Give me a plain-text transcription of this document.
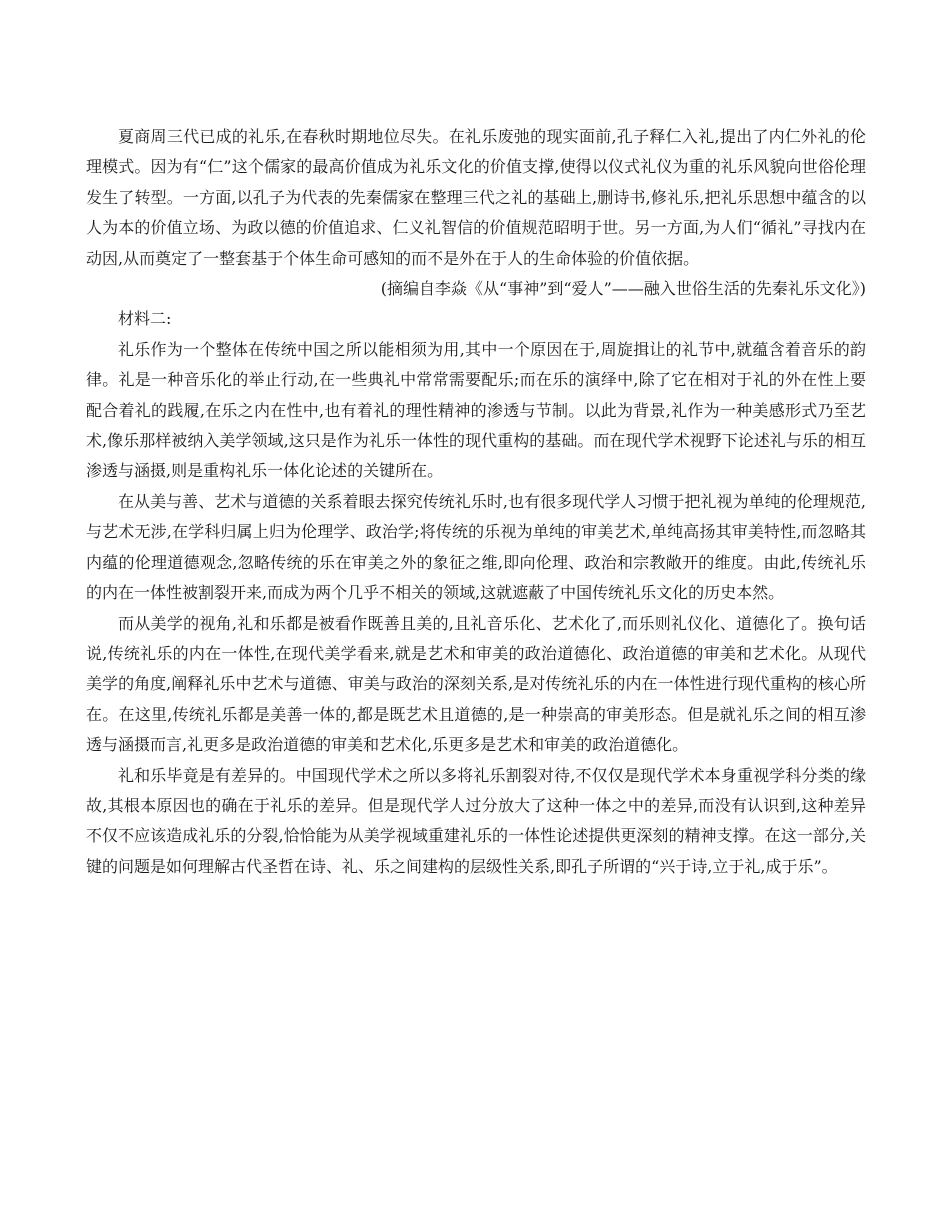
夏商周三代已成的礼乐,在春秋时期地位尽失。在礼乐废弛的现实面前,孔子释仁入礼,提出了内仁外礼的伦理模式。因为有“仁”这个儒家的最高价值成为礼乐文化的价值支撑,使得以仪式礼仪为重的礼乐风貌向世俗伦理发生了转型。一方面,以孔子为代表的先秦儒家在整理三代之礼的基础上,删诗书,修礼乐,把礼乐思想中蕴含的以人为本的价值立场、为政以德的价值追求、仁义礼智信的价值规范昭明于世。另一方面,为人们“循礼”寻找内在动因,从而奠定了一整套基于个体生命可感知的而不是外在于人的生命体验的价值依据。

(摘编自李焱《从“事神”到“爱人”——融入世俗生活的先秦礼乐文化》)

材料二:

礼乐作为一个整体在传统中国之所以能相须为用,其中一个原因在于,周旋揖让的礼节中,就蕴含着音乐的韵律。礼是一种音乐化的举止行动,在一些典礼中常常需要配乐;而在乐的演绎中,除了它在相对于礼的外在性上要配合着礼的践履,在乐之内在性中,也有着礼的理性精神的渗透与节制。以此为背景,礼作为一种美感形式乃至艺术,像乐那样被纳入美学领域,这只是作为礼乐一体性的现代重构的基础。而在现代学术视野下论述礼与乐的相互渗透与涵摄,则是重构礼乐一体化论述的关键所在。

在从美与善、艺术与道德的关系着眼去探究传统礼乐时,也有很多现代学人习惯于把礼视为单纯的伦理规范,与艺术无涉,在学科归属上归为伦理学、政治学;将传统的乐视为单纯的审美艺术,单纯高扬其审美特性,而忽略其内蕴的伦理道德观念,忽略传统的乐在审美之外的象征之维,即向伦理、政治和宗教敞开的维度。由此,传统礼乐的内在一体性被割裂开来,而成为两个几乎不相关的领域,这就遮蔽了中国传统礼乐文化的历史本然。

而从美学的视角,礼和乐都是被看作既善且美的,且礼音乐化、艺术化了,而乐则礼仪化、道德化了。换句话说,传统礼乐的内在一体性,在现代美学看来,就是艺术和审美的政治道德化、政治道德的审美和艺术化。从现代美学的角度,阐释礼乐中艺术与道德、审美与政治的深刻关系,是对传统礼乐的内在一体性进行现代重构的核心所在。在这里,传统礼乐都是美善一体的,都是既艺术且道德的,是一种崇高的审美形态。但是就礼乐之间的相互渗透与涵摄而言,礼更多是政治道德的审美和艺术化,乐更多是艺术和审美的政治道德化。

礼和乐毕竟是有差异的。中国现代学术之所以多将礼乐割裂对待,不仅仅是现代学术本身重视学科分类的缘故,其根本原因也的确在于礼乐的差异。但是现代学人过分放大了这种一体之中的差异,而没有认识到,这种差异不仅不应该造成礼乐的分裂,恰恰能为从美学视域重建礼乐的一体性论述提供更深刻的精神支撑。在这一部分,关键的问题是如何理解古代圣哲在诗、礼、乐之间建构的层级性关系,即孔子所谓的“兴于诗,立于礼,成于乐”。
